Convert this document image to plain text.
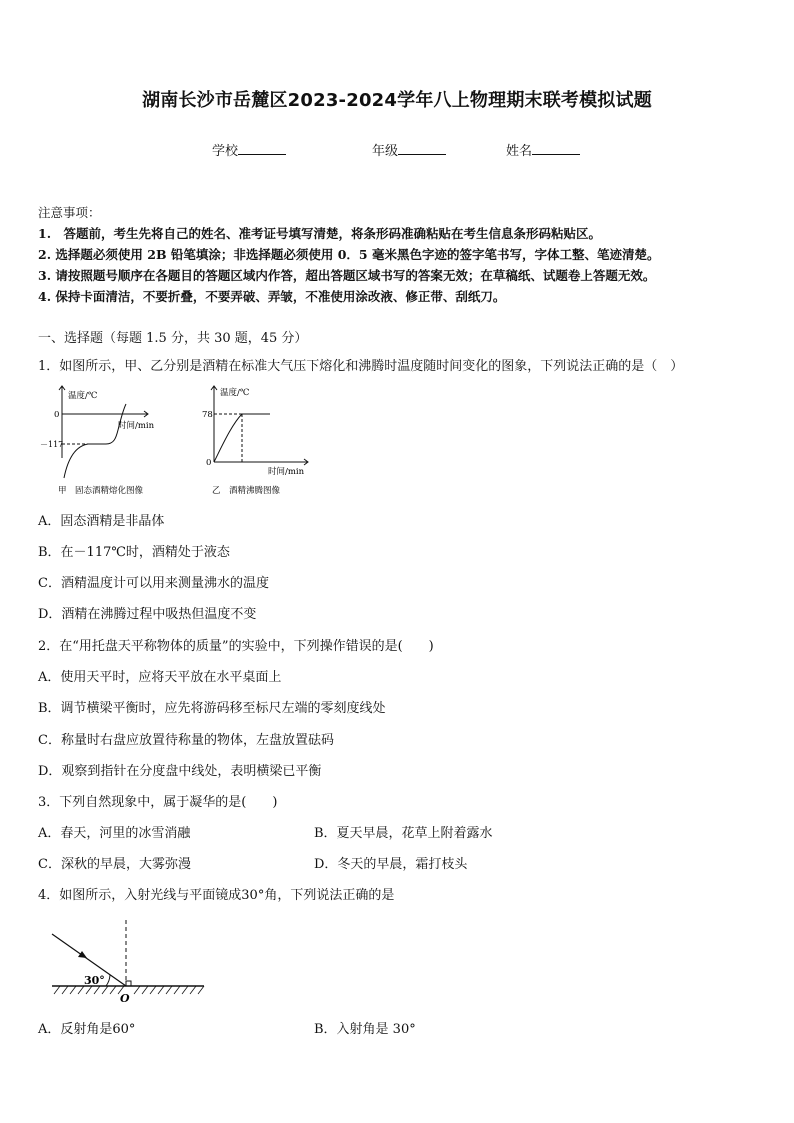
湖南长沙市岳麓区2023-2024学年八上物理期末联考模拟试题
学校	年级	姓名
注意事项：
1.　答题前，考生先将自己的姓名、准考证号填写清楚，将条形码准确粘贴在考生信息条形码粘贴区。
2. 选择题必须使用 2B 铅笔填涂；非选择题必须使用 0．5 毫米黑色字迹的签字笔书写，字体工整、笔迹清楚。
3. 请按照题号顺序在各题目的答题区域内作答，超出答题区域书写的答案无效；在草稿纸、试题卷上答题无效。
4. 保持卡面清洁，不要折叠，不要弄破、弄皱，不准使用涂改液、修正带、刮纸刀。
一、选择题（每题 1.5 分，共 30 题，45 分）
1．如图所示，甲、乙分别是酒精在标准大气压下熔化和沸腾时温度随时间变化的图象，下列说法正确的是（　）
温度/℃
时间/min
0
－117
甲　固态酒精熔化图像
温度/℃
78
0
时间/min
乙　酒精沸腾图像
A．固态酒精是非晶体
B．在－117℃时，酒精处于液态
C．酒精温度计可以用来测量沸水的温度
D．酒精在沸腾过程中吸热但温度不变
2．在“用托盘天平称物体的质量”的实验中，下列操作错误的是(　　)
A．使用天平时，应将天平放在水平桌面上
B．调节横梁平衡时，应先将游码移至标尺左端的零刻度线处
C．称量时右盘应放置待称量的物体，左盘放置砝码
D．观察到指针在分度盘中线处，表明横梁已平衡
3．下列自然现象中，属于凝华的是(　　)
A．春天，河里的冰雪消融	B．夏天早晨，花草上附着露水
C．深秋的早晨，大雾弥漫	D．冬天的早晨，霜打枝头
4．如图所示，入射光线与平面镜成30°角，下列说法正确的是
30°
O
A．反射角是60°	B．入射角是 30°
